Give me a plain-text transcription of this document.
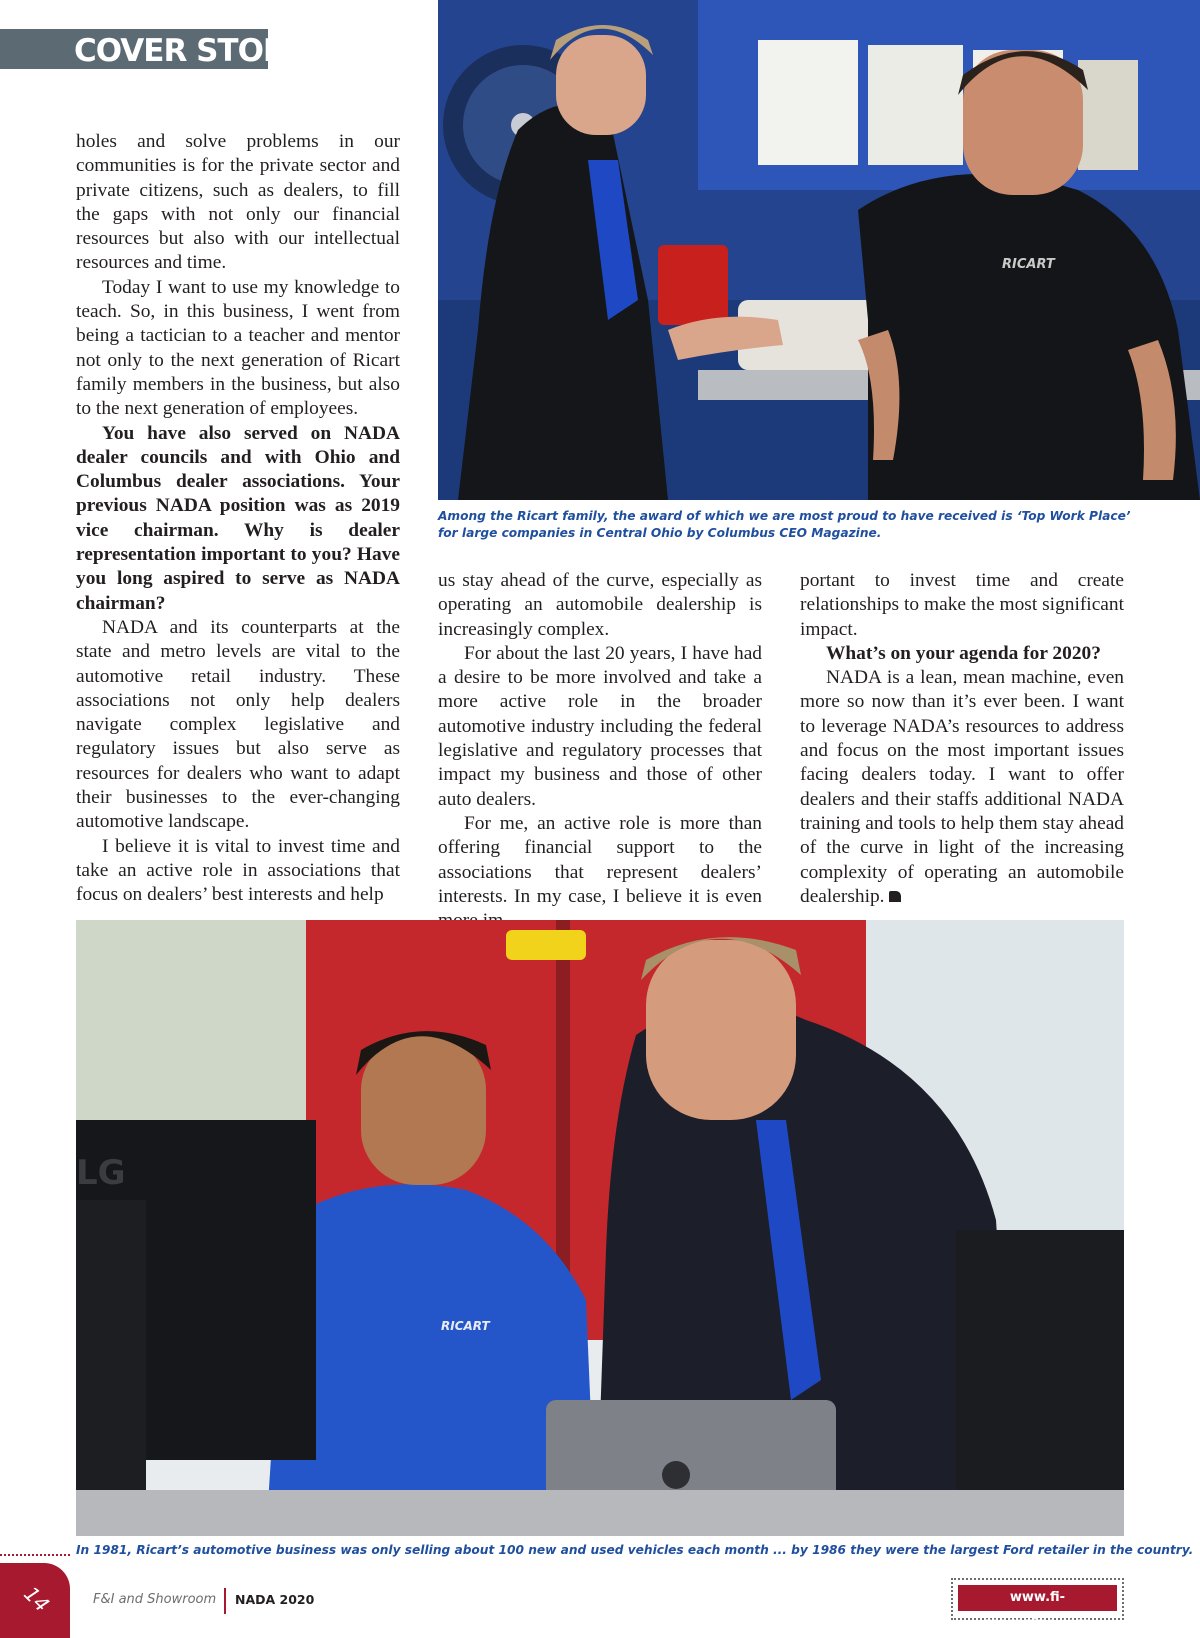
COVER STORY

holes and solve problems in our communities is for the private sector and private citizens, such as dealers, to fill the gaps with not only our financial resources but also with our intellectual resources and time.

Today I want to use my knowledge to teach. So, in this business, I went from being a tactician to a teacher and mentor not only to the next generation of Ricart family members in the business, but also to the next generation of employees.

You have also served on NADA dealer councils and with Ohio and Columbus dealer associations. Your previous NADA position was as 2019 vice chairman. Why is dealer representation important to you? Have you long aspired to serve as NADA chairman?

NADA and its counterparts at the state and metro levels are vital to the automotive retail industry. These associations not only help dealers navigate complex legislative and regulatory issues but also serve as resources for dealers who want to adapt their businesses to the ever-changing automotive landscape.

I believe it is vital to invest time and take an active role in associations that focus on dealers’ best interests and help

RICART
Among the Ricart family, the award of which we are most proud to have received is ‘Top Work Place’ for large companies in Central Ohio by Columbus CEO Magazine.

us stay ahead of the curve, especially as operating an automobile dealership is increasingly complex.

For about the last 20 years, I have had a desire to be more involved and take a more active role in the broader automotive industry including the federal legislative and regulatory processes that impact my business and those of other auto dealers.

For me, an active role is more than offering financial support to the associations that represent dealers’ interests. In my case, I believe it is even

portant to invest time and create relationships to make the most significant impact.

What’s on your agenda for 2020?

NADA is a lean, mean machine, even more so now than it’s ever been. I want to leverage NADA’s resources to address and focus on the most important issues facing dealers today. I want to offer dealers and their staffs additional NADA training and tools to help them stay ahead of the curve in light of the increasing complexity of operating an automobile dealership.

RICART
LG
In 1981, Ricart’s automotive business was only selling about 100 new and used vehicles each month ... by 1986 they were the largest Ford retailer in the country.
14	F&I and Showroom NADA 2020	www.fi-magazine.com
